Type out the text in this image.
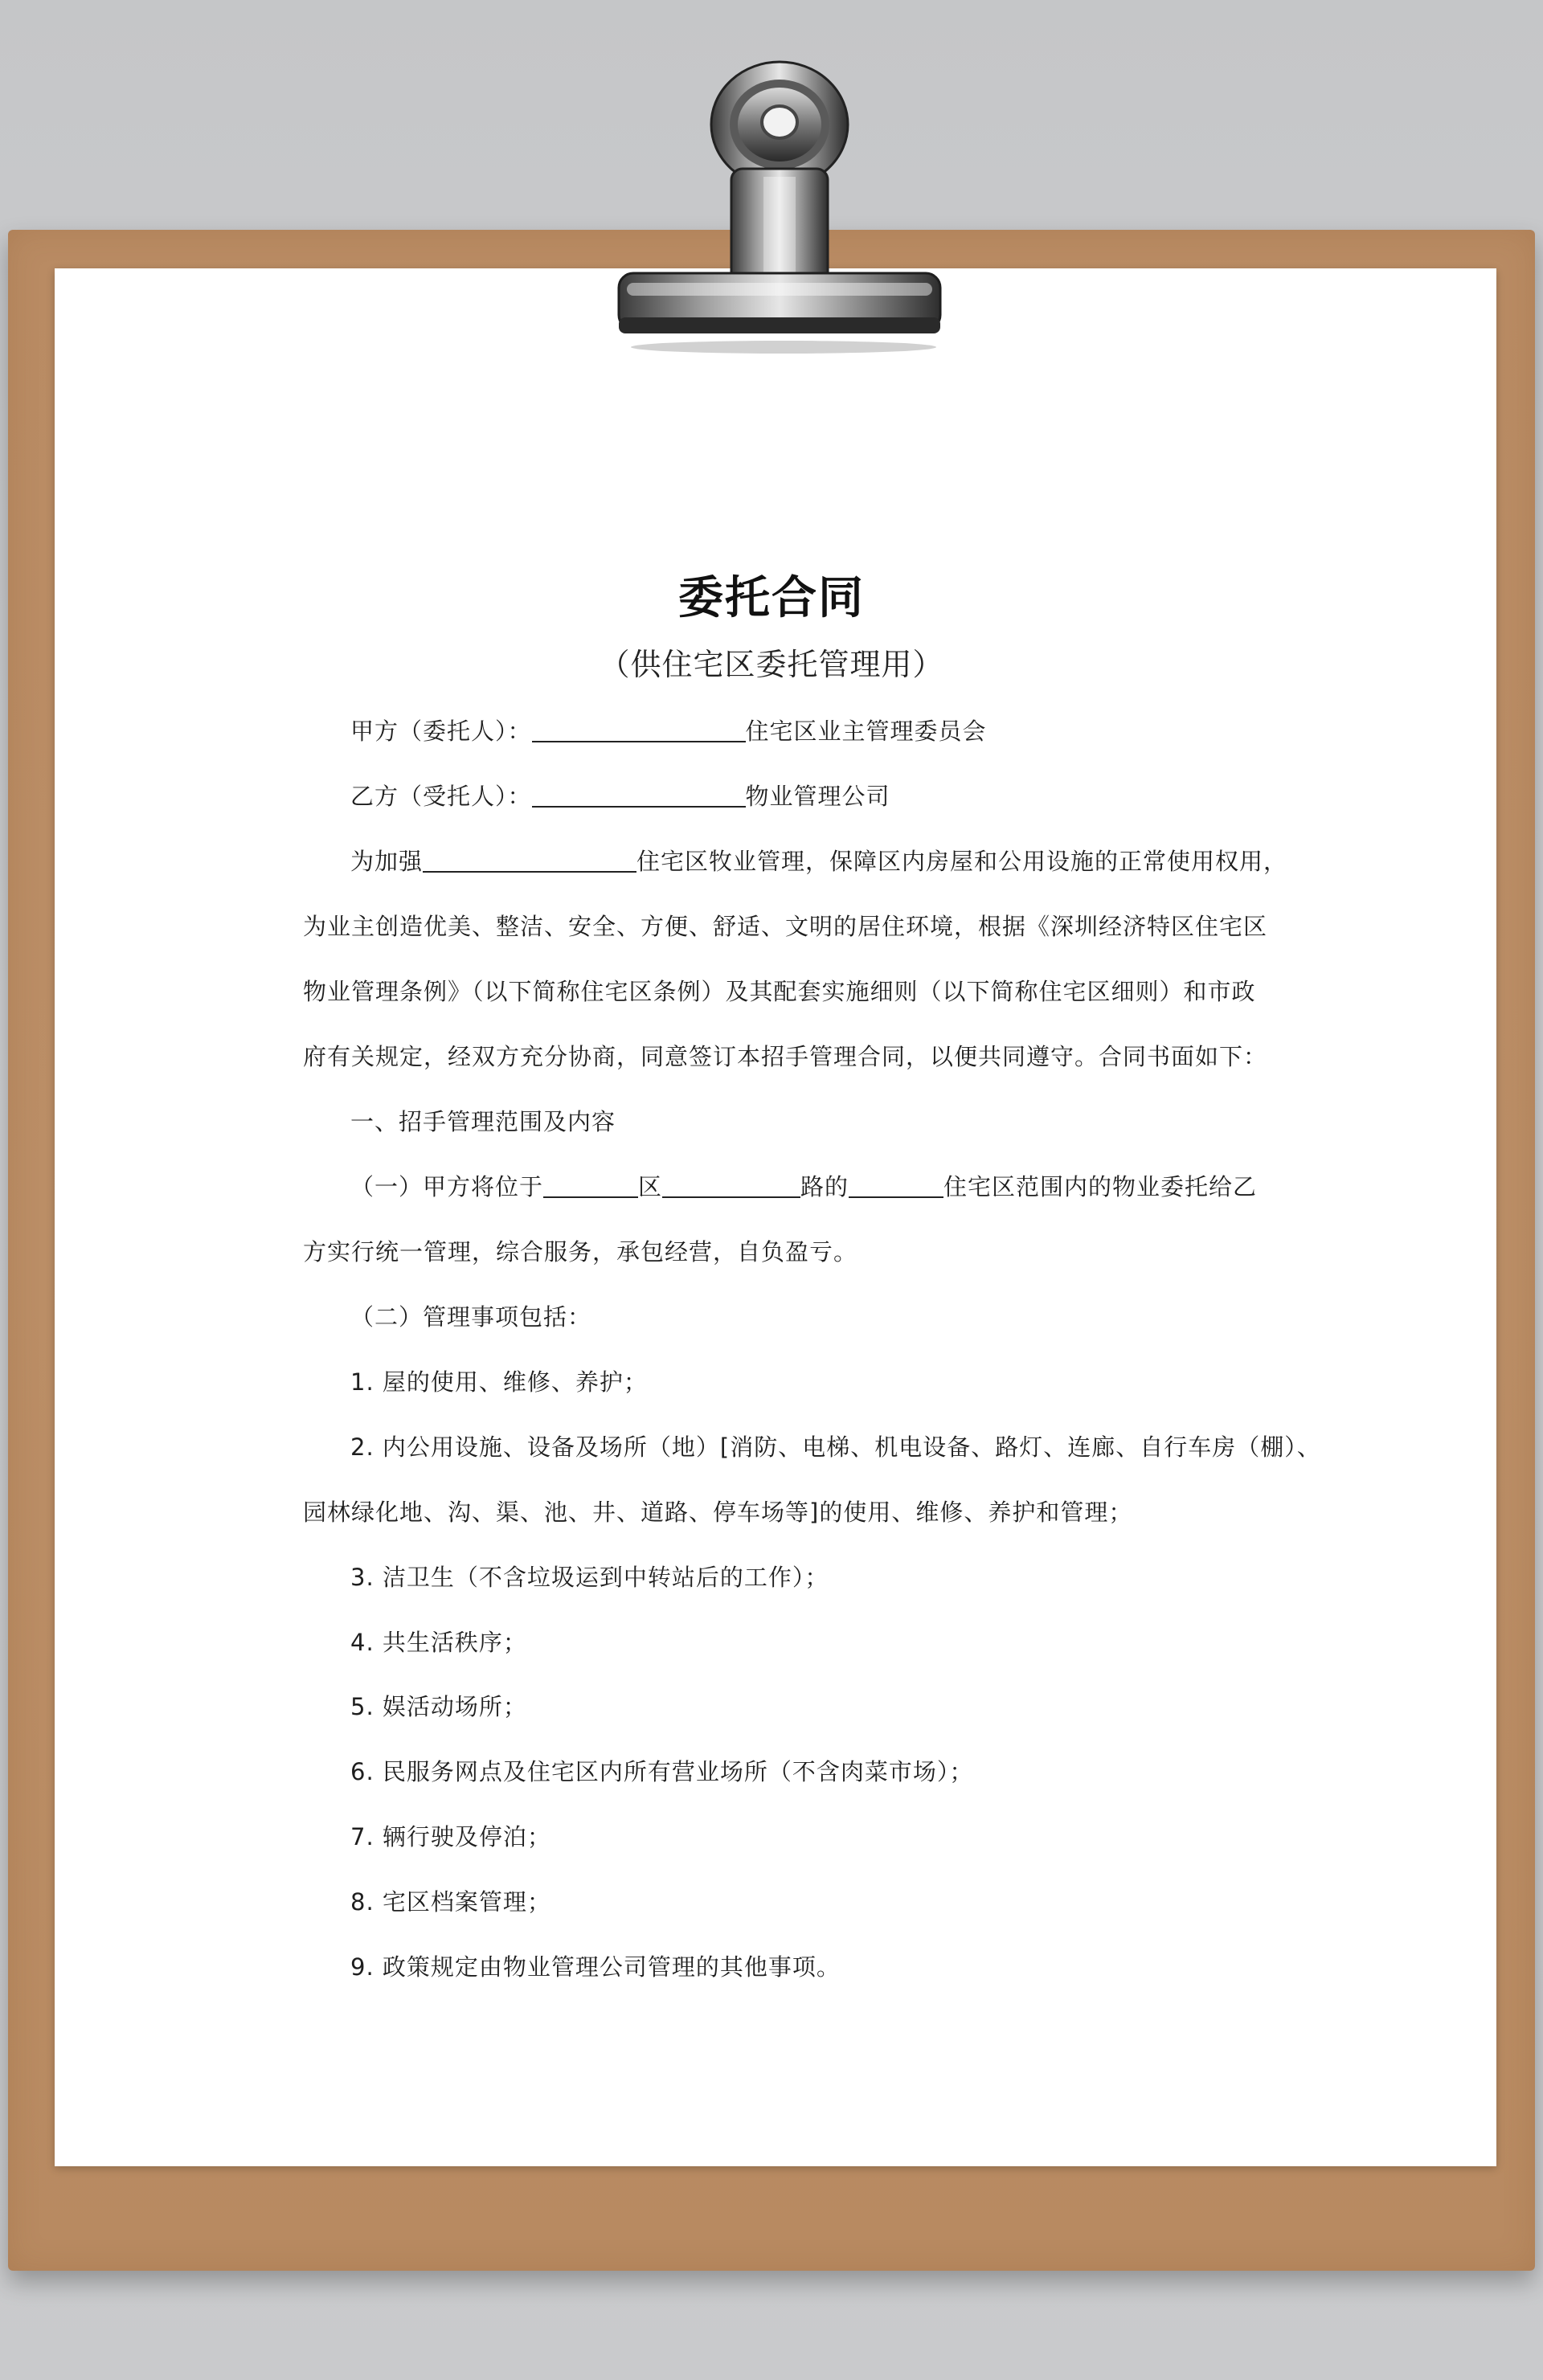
委托合同
（供住宅区委托管理用）
甲方（委托人）：	住宅区业主管理委员会
乙方（受托人）：	物业管理公司
为加强	住宅区牧业管理，保障区内房屋和公用设施的正常使用权用，
为业主创造优美、整洁、安全、方便、舒适、文明的居住环境，根据《深圳经济特区住宅区
物业管理条例》（以下简称住宅区条例）及其配套实施细则（以下简称住宅区细则）和市政
府有关规定，经双方充分协商，同意签订本招手管理合同，以便共同遵守。合同书面如下：
一、招手管理范围及内容
（一）甲方将位于	区	路的	住宅区范围内的物业委托给乙
方实行统一管理，综合服务，承包经营，自负盈亏。
（二）管理事项包括：
1. 屋的使用、维修、养护；
2. 内公用设施、设备及场所（地）[消防、电梯、机电设备、路灯、连廊、自行车房（棚）、
园林绿化地、沟、渠、池、井、道路、停车场等]的使用、维修、养护和管理；
3. 洁卫生（不含垃圾运到中转站后的工作）；
4. 共生活秩序；
5. 娱活动场所；
6. 民服务网点及住宅区内所有营业场所（不含肉菜市场）；
7. 辆行驶及停泊；
8. 宅区档案管理；
9. 政策规定由物业管理公司管理的其他事项。
